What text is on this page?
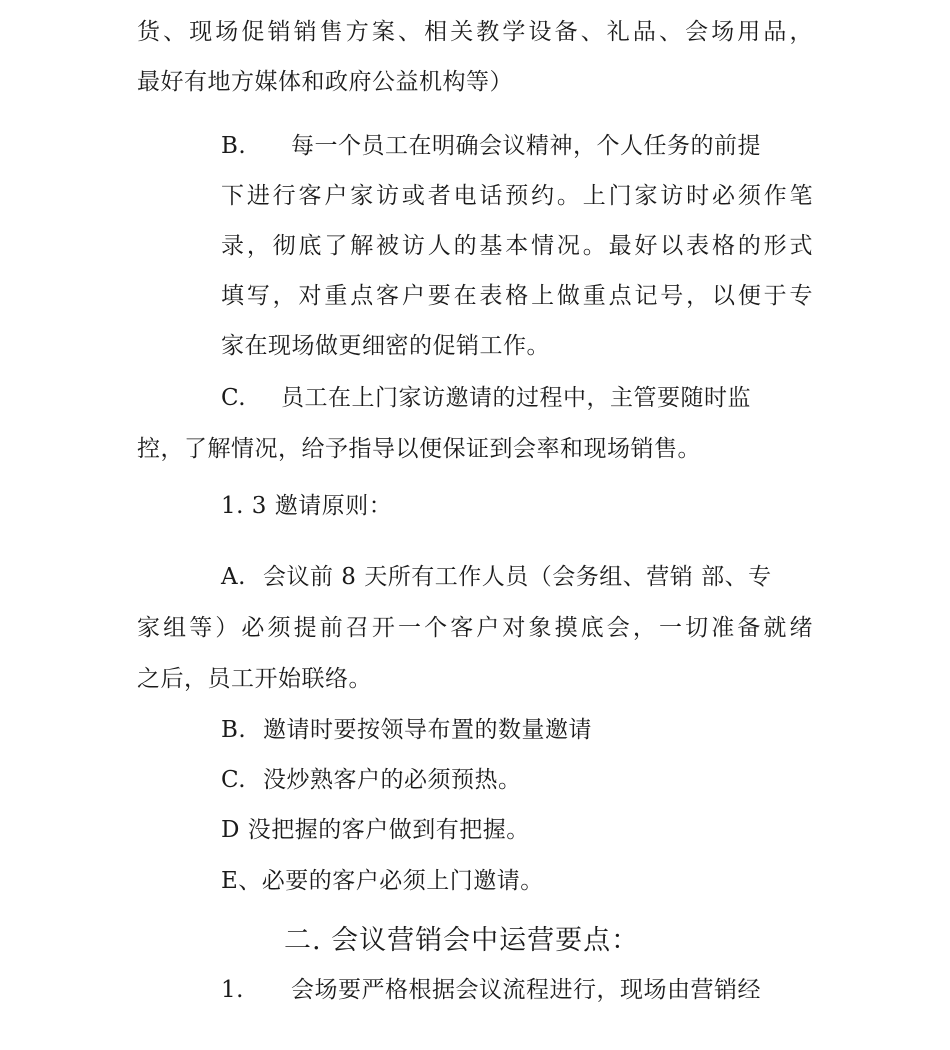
货、现场促销销售方案、相关教学设备、礼品、会场用品，
最好有地方媒体和政府公益机构等）
B. 每一个员工在明确会议精神，个人任务的前提
下进行客户家访或者电话预约。上门家访时必须作笔
录，彻底了解被访人的基本情况。最好以表格的形式
填写，对重点客户要在表格上做重点记号，以便于专
家在现场做更细密的促销工作。
C. 员工在上门家访邀请的过程中，主管要随时监
控，了解情况，给予指导以便保证到会率和现场销售。
1. 3 邀请原则：
A. 会议前 8 天所有工作人员（会务组、营销 部、专
家组等）必须提前召开一个客户对象摸底会，一切准备就绪
之后，员工开始联络。
B. 邀请时要按领导布置的数量邀请
C. 没炒熟客户的必须预热。
D 没把握的客户做到有把握。
E、必要的客户必须上门邀请。
二. 会议营销会中运营要点：
1. 会场要严格根据会议流程进行，现场由营销经
